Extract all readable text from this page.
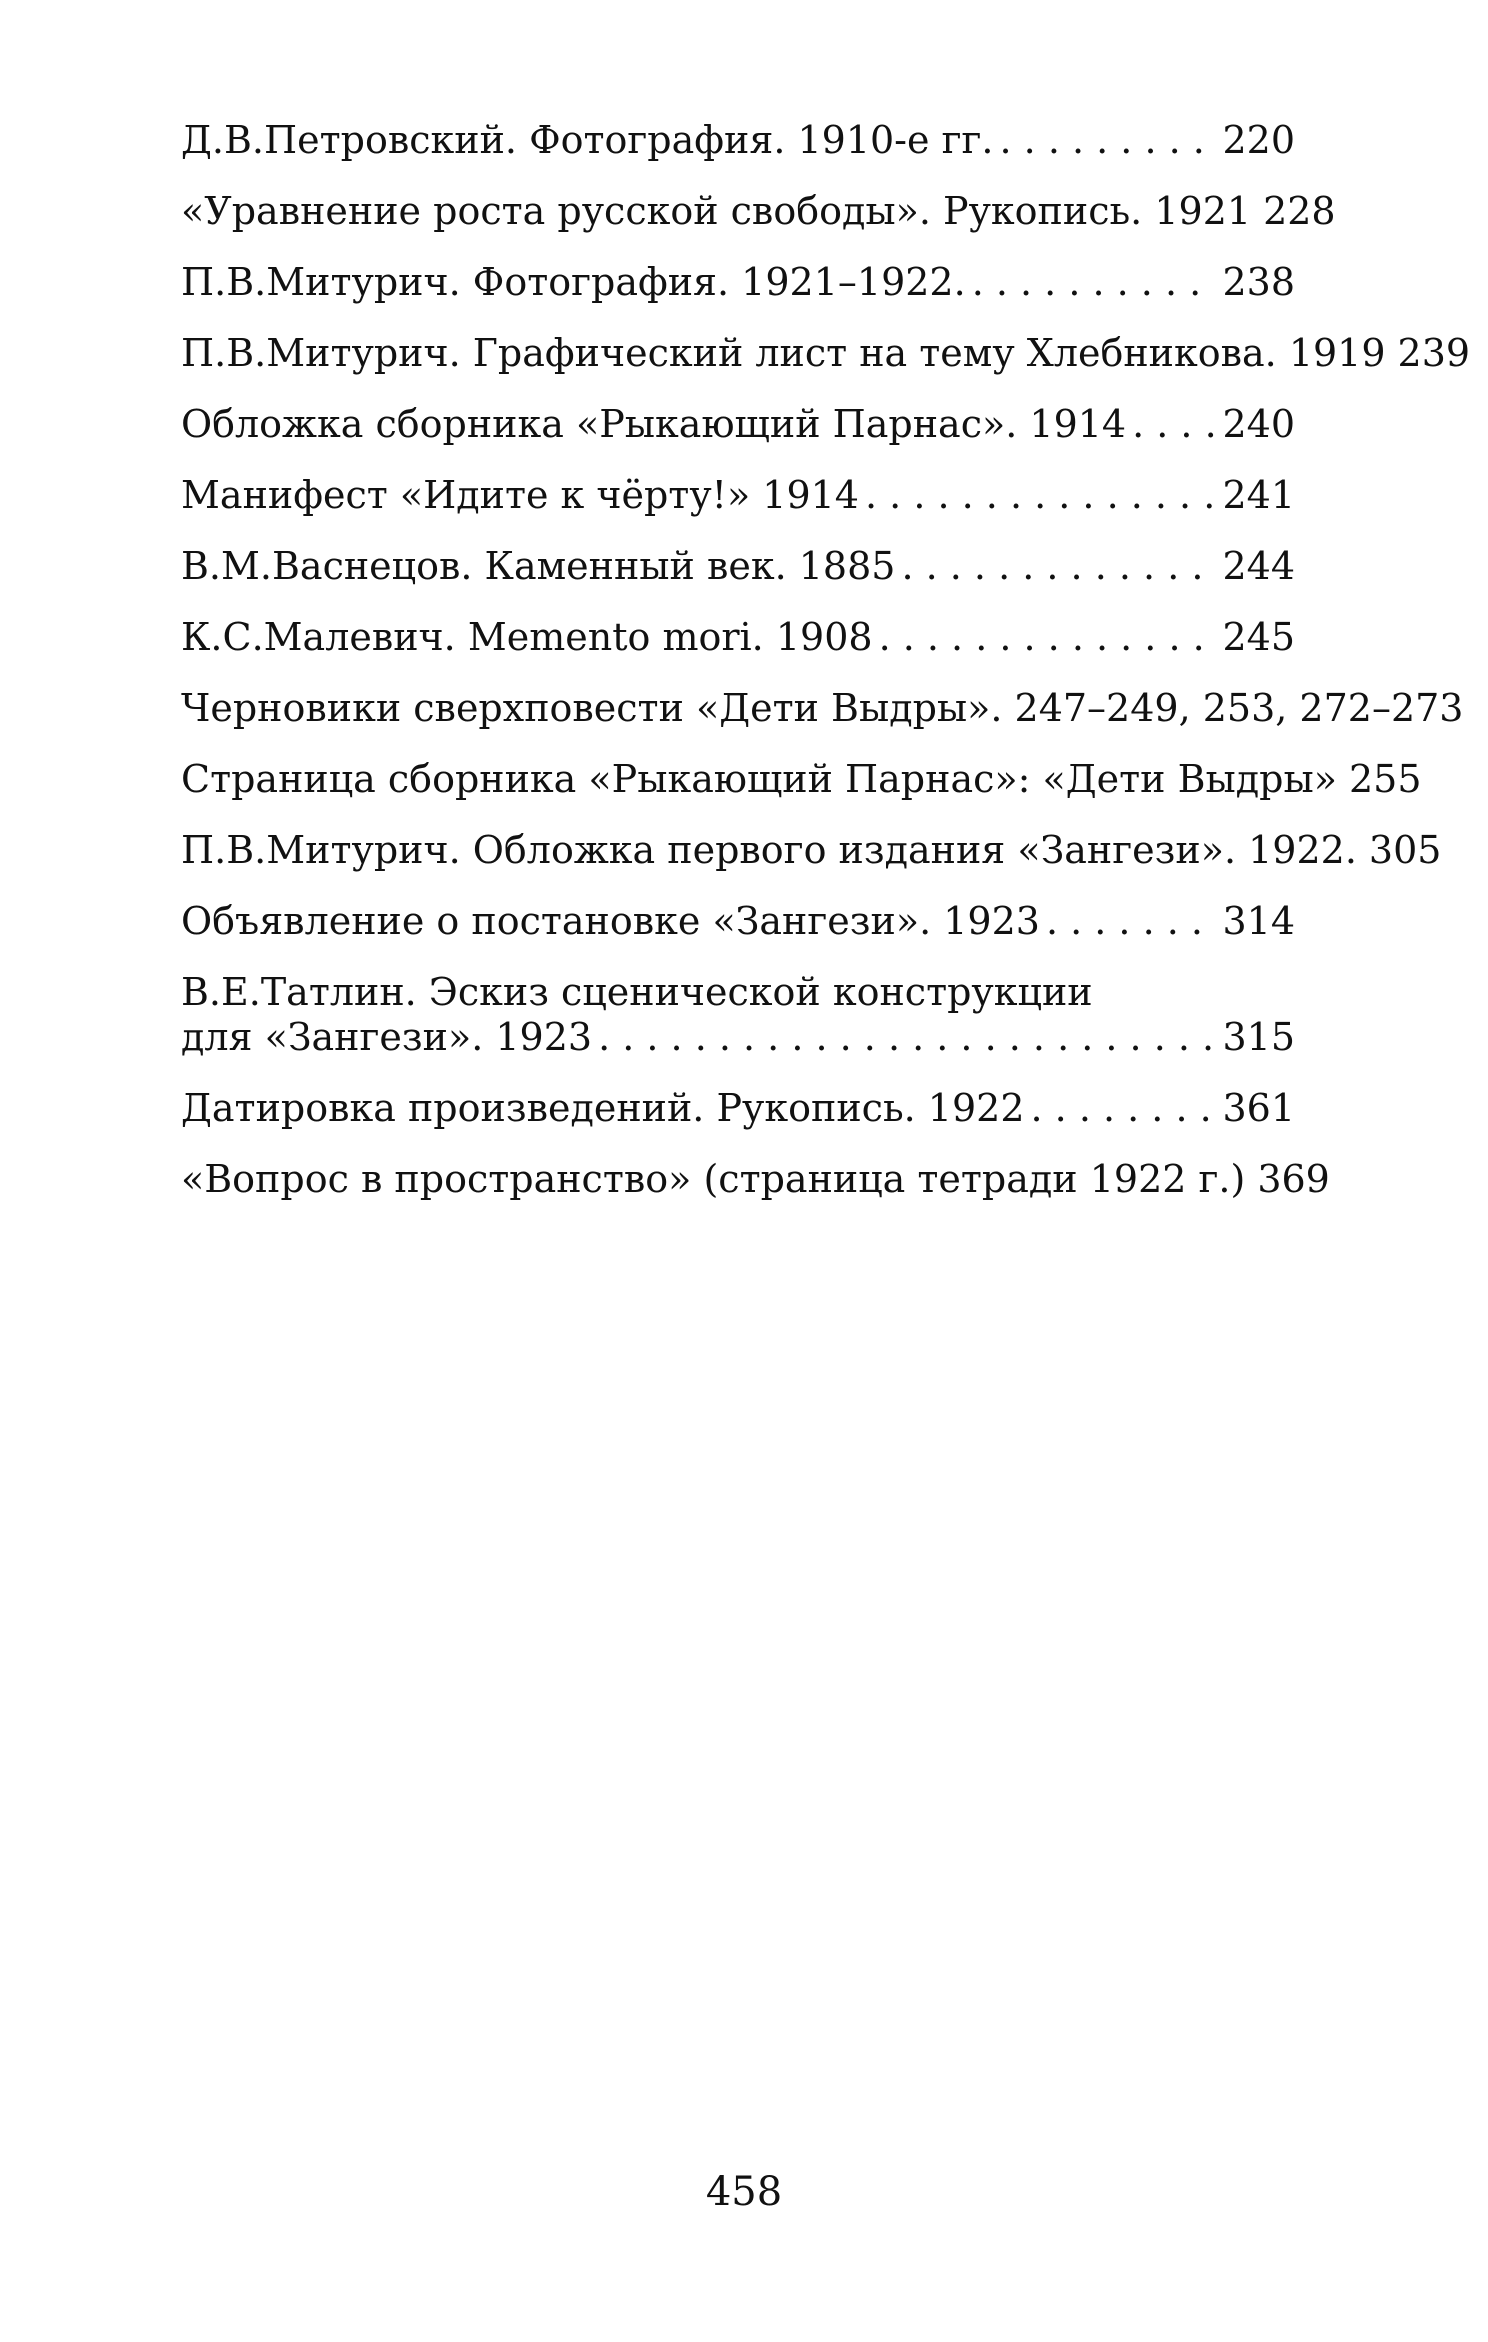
Д.В.Петровский. Фотография. 1910-е гг. . . .	220
«Уравнение роста русской свободы». Рукопись. 1921 228
П.В.Митурич. Фотография. 1921–1922. . . .	238
П.В.Митурич. Графический лист на тему Хлебникова. 1919 239
Обложка сборника «Рыкающий Парнас». 1914 . . .	240
Манифест «Идите к чёрту!» 1914 . . .	241
В.М.Васнецов. Каменный век. 1885 . . .	244
К.С.Малевич. Memento mori. 1908 . . .	245
Черновики сверхповести «Дети Выдры». 247–249, 253, 272–273
Страница сборника «Рыкающий Парнас»: «Дети Выдры» 255
П.В.Митурич. Обложка первого издания «Зангези». 1922. 305
Объявление о постановке «Зангези». 1923 . . .	314
В.Е.Татлин. Эскиз сценической конструкции
для «Зангези». 1923 . . .	315
Датировка произведений. Рукопись. 1922 . . .	361
«Вопрос в пространство» (страница тетради 1922 г.) 369
458
